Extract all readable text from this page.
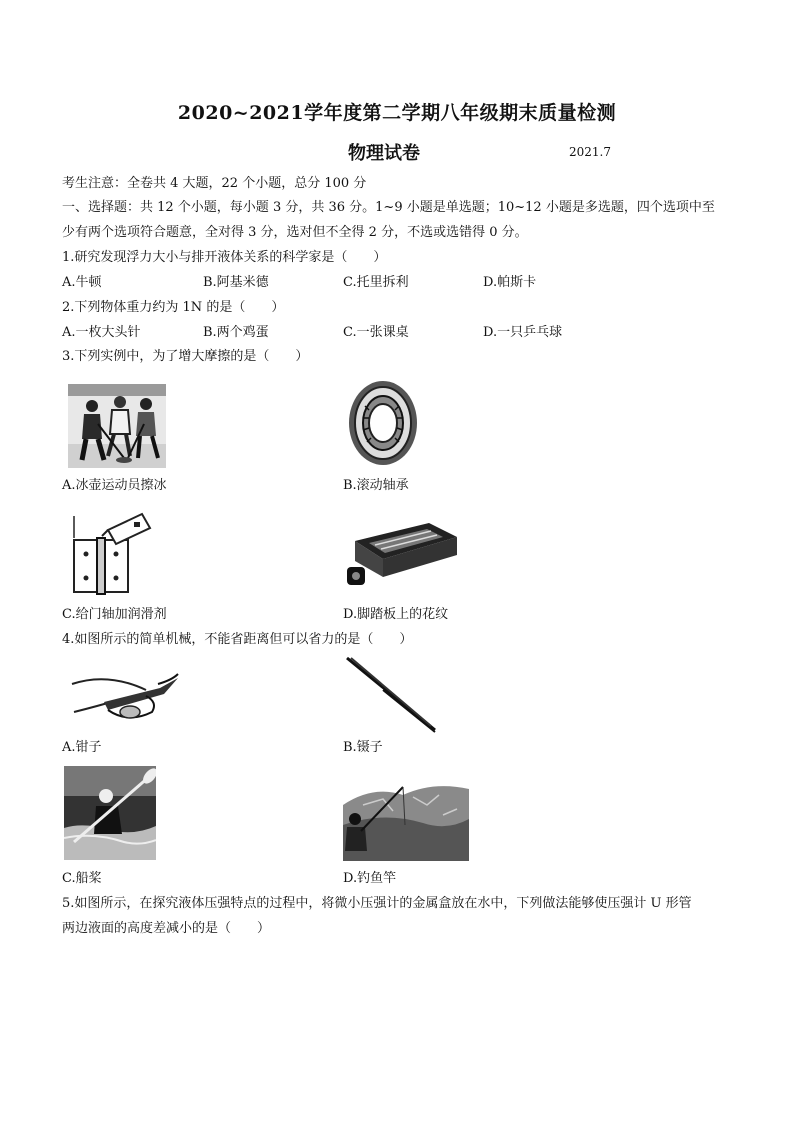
2020~2021学年度第二学期八年级期末质量检测
物理试卷	2021.7
考生注意：全卷共 4 大题，22 个小题，总分 100 分
一、选择题：共 12 个小题，每小题 3 分，共 36 分。1~9 小题是单选题；10~12 小题是多选题，四个选项中至
少有两个选项符合题意，全对得 3 分，选对但不全得 2 分，不选或选错得 0 分。
1.研究发现浮力大小与排开液体关系的科学家是（　　）
A.牛顿	B.阿基米德	C.托里拆利	D.帕斯卡
2.下列物体重力约为 1N 的是（　　）
A.一枚大头针	B.两个鸡蛋	C.一张课桌	D.一只乒乓球
3.下列实例中，为了增大摩擦的是（　　）
A.冰壶运动员擦冰	B.滚动轴承
C.给门轴加润滑剂	D.脚踏板上的花纹
4.如图所示的简单机械，不能省距离但可以省力的是（　　）
A.钳子	B.镊子
C.船桨	D.钓鱼竿
5.如图所示，在探究液体压强特点的过程中，将微小压强计的金属盒放在水中，下列做法能够使压强计 U 形管
两边液面的高度差减小的是（　　）
